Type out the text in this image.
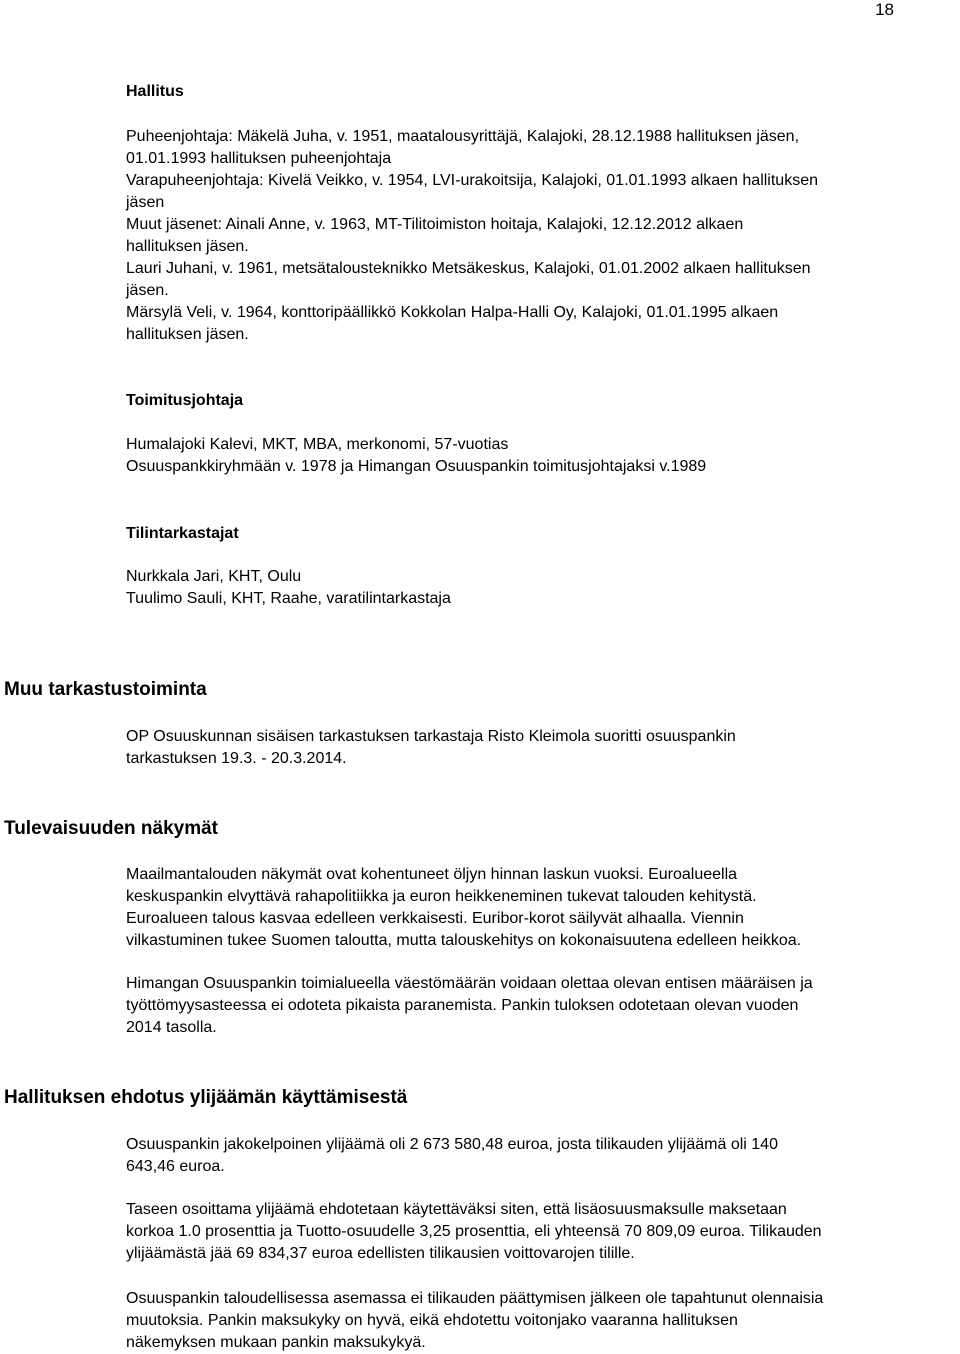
18
Hallitus
Puheenjohtaja: Mäkelä Juha, v. 1951, maatalousyrittäjä, Kalajoki, 28.12.1988 hallituksen jäsen,
01.01.1993 hallituksen puheenjohtaja
Varapuheenjohtaja: Kivelä Veikko, v. 1954, LVI-urakoitsija, Kalajoki, 01.01.1993 alkaen hallituksen
jäsen
Muut jäsenet: Ainali Anne, v. 1963, MT-Tilitoimiston hoitaja, Kalajoki, 12.12.2012 alkaen
hallituksen jäsen.
Lauri Juhani, v. 1961, metsätalousteknikko Metsäkeskus, Kalajoki, 01.01.2002 alkaen hallituksen
jäsen.
Märsylä Veli, v. 1964, konttoripäällikkö Kokkolan Halpa-Halli Oy, Kalajoki, 01.01.1995 alkaen
hallituksen jäsen.
Toimitusjohtaja
Humalajoki Kalevi, MKT, MBA, merkonomi, 57-vuotias
Osuuspankkiryhmään v. 1978 ja Himangan Osuuspankin toimitusjohtajaksi v.1989
Tilintarkastajat
Nurkkala Jari, KHT, Oulu
Tuulimo Sauli, KHT, Raahe, varatilintarkastaja
Muu tarkastustoiminta
OP Osuuskunnan sisäisen tarkastuksen tarkastaja Risto Kleimola suoritti osuuspankin
tarkastuksen 19.3. - 20.3.2014.
Tulevaisuuden näkymät
Maailmantalouden näkymät ovat kohentuneet öljyn hinnan laskun vuoksi. Euroalueella
keskuspankin elvyttävä rahapolitiikka ja euron heikkeneminen tukevat talouden kehitystä.
Euroalueen talous kasvaa edelleen verkkaisesti. Euribor-korot säilyvät alhaalla. Viennin
vilkastuminen tukee Suomen taloutta, mutta talouskehitys on kokonaisuutena edelleen heikkoa.
Himangan Osuuspankin toimialueella väestömäärän voidaan olettaa olevan entisen määräisen ja
työttömyysasteessa ei odoteta pikaista paranemista. Pankin tuloksen odotetaan olevan vuoden
2014 tasolla.
Hallituksen ehdotus ylijäämän käyttämisestä
Osuuspankin jakokelpoinen ylijäämä oli 2 673 580,48 euroa, josta tilikauden ylijäämä oli 140
643,46 euroa.
Taseen osoittama ylijäämä ehdotetaan käytettäväksi siten, että lisäosuusmaksulle maksetaan
korkoa 1.0 prosenttia ja Tuotto-osuudelle 3,25 prosenttia, eli yhteensä 70 809,09 euroa. Tilikauden
ylijäämästä jää 69 834,37 euroa edellisten tilikausien voittovarojen tilille.
Osuuspankin taloudellisessa asemassa ei tilikauden päättymisen jälkeen ole tapahtunut olennaisia
muutoksia. Pankin maksukyky on hyvä, eikä ehdotettu voitonjako vaaranna hallituksen
näkemyksen mukaan pankin maksukykyä.
